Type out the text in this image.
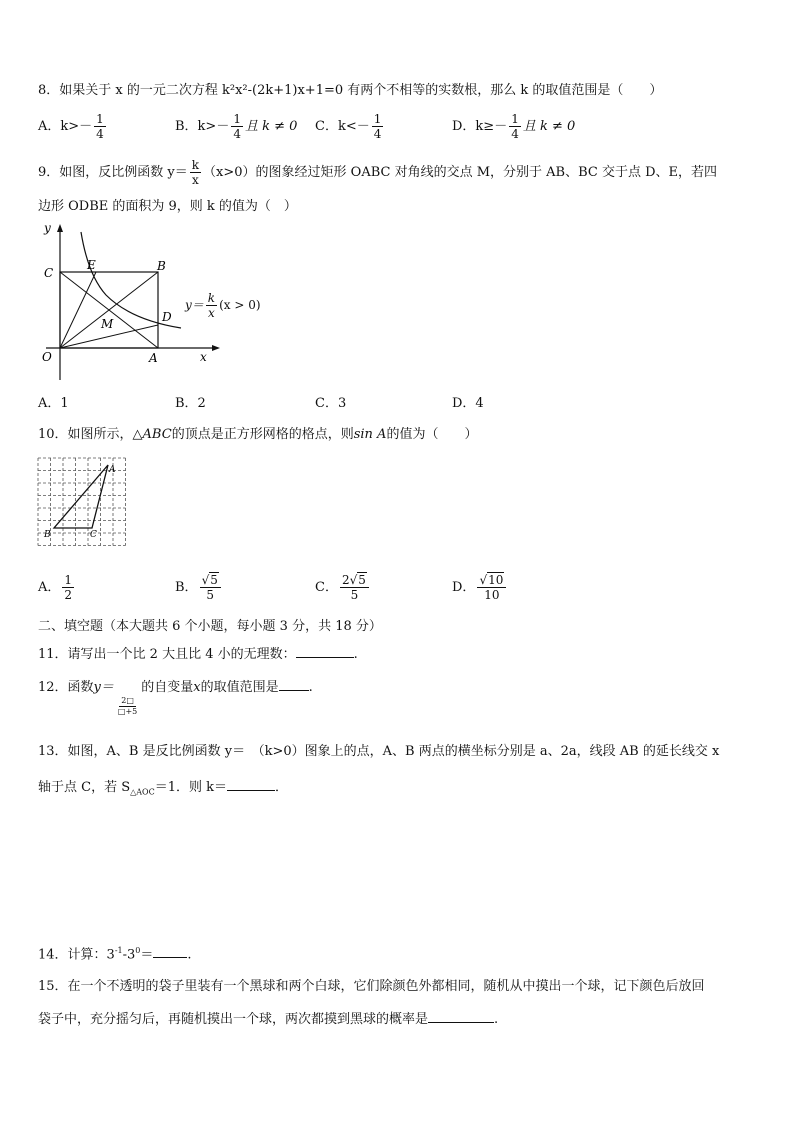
8．如果关于 x 的一元二次方程 k²x²-(2k+1)x+1=0 有两个不相等的实数根，那么 k 的取值范围是（　　）
A．$k>- \frac{1}{4}$	B．$k>- \frac{1}{4}$ 且 k ≠ 0 C．$k<- \frac{1}{4}$	D．$k\ge- \frac{1}{4}$ 且 k ≠ 0
9．如图，反比例函数 $y= \frac{k}{x} (x>0)$的图象经过矩形 OABC 对角线的交点 M，分别于 AB、BC 交于点 D、E，若四
边形 ODBE 的面积为 9，则 k 的值为（　）
y
x
O	A
B
C
D
E
M
$y= \frac{k}{x} (x > 0)$
A．1	B．2	C．3	D．4
10．如图所示，△ABC的顶点是正方形网格的格点，则sin A的值为（　　）
A
B	C
A． $\frac{1}{2}$	B． $\frac{√5}{5}$	C． $\frac{2√5}{5}$	D． $\frac{√10}{10}$
二、填空题（本大题共 6 个小题，每小题 3 分，共 18 分）
11．请写出一个比 2 大且比 4 小的无理数：	.
12．函数y＝
$\frac{2□}{□+5}$
的自变量x的取值范围是 .
13．如图，A、B 是反比例函数 y＝　（k>0）图象上的点，A、B 两点的横坐标分别是 a、2a，线段 AB 的延长线交 x
轴于点 C，若 $S_{\triangle AOC}=1$．则 k＝	．
14．计算：$3^{-1}-3^0=$	.
15．在一个不透明的袋子里装有一个黑球和两个白球，它们除颜色外都相同，随机从中摸出一个球，记下颜色后放回
袋子中，充分摇匀后，再随机摸出一个球，两次都摸到黑球的概率是	.
